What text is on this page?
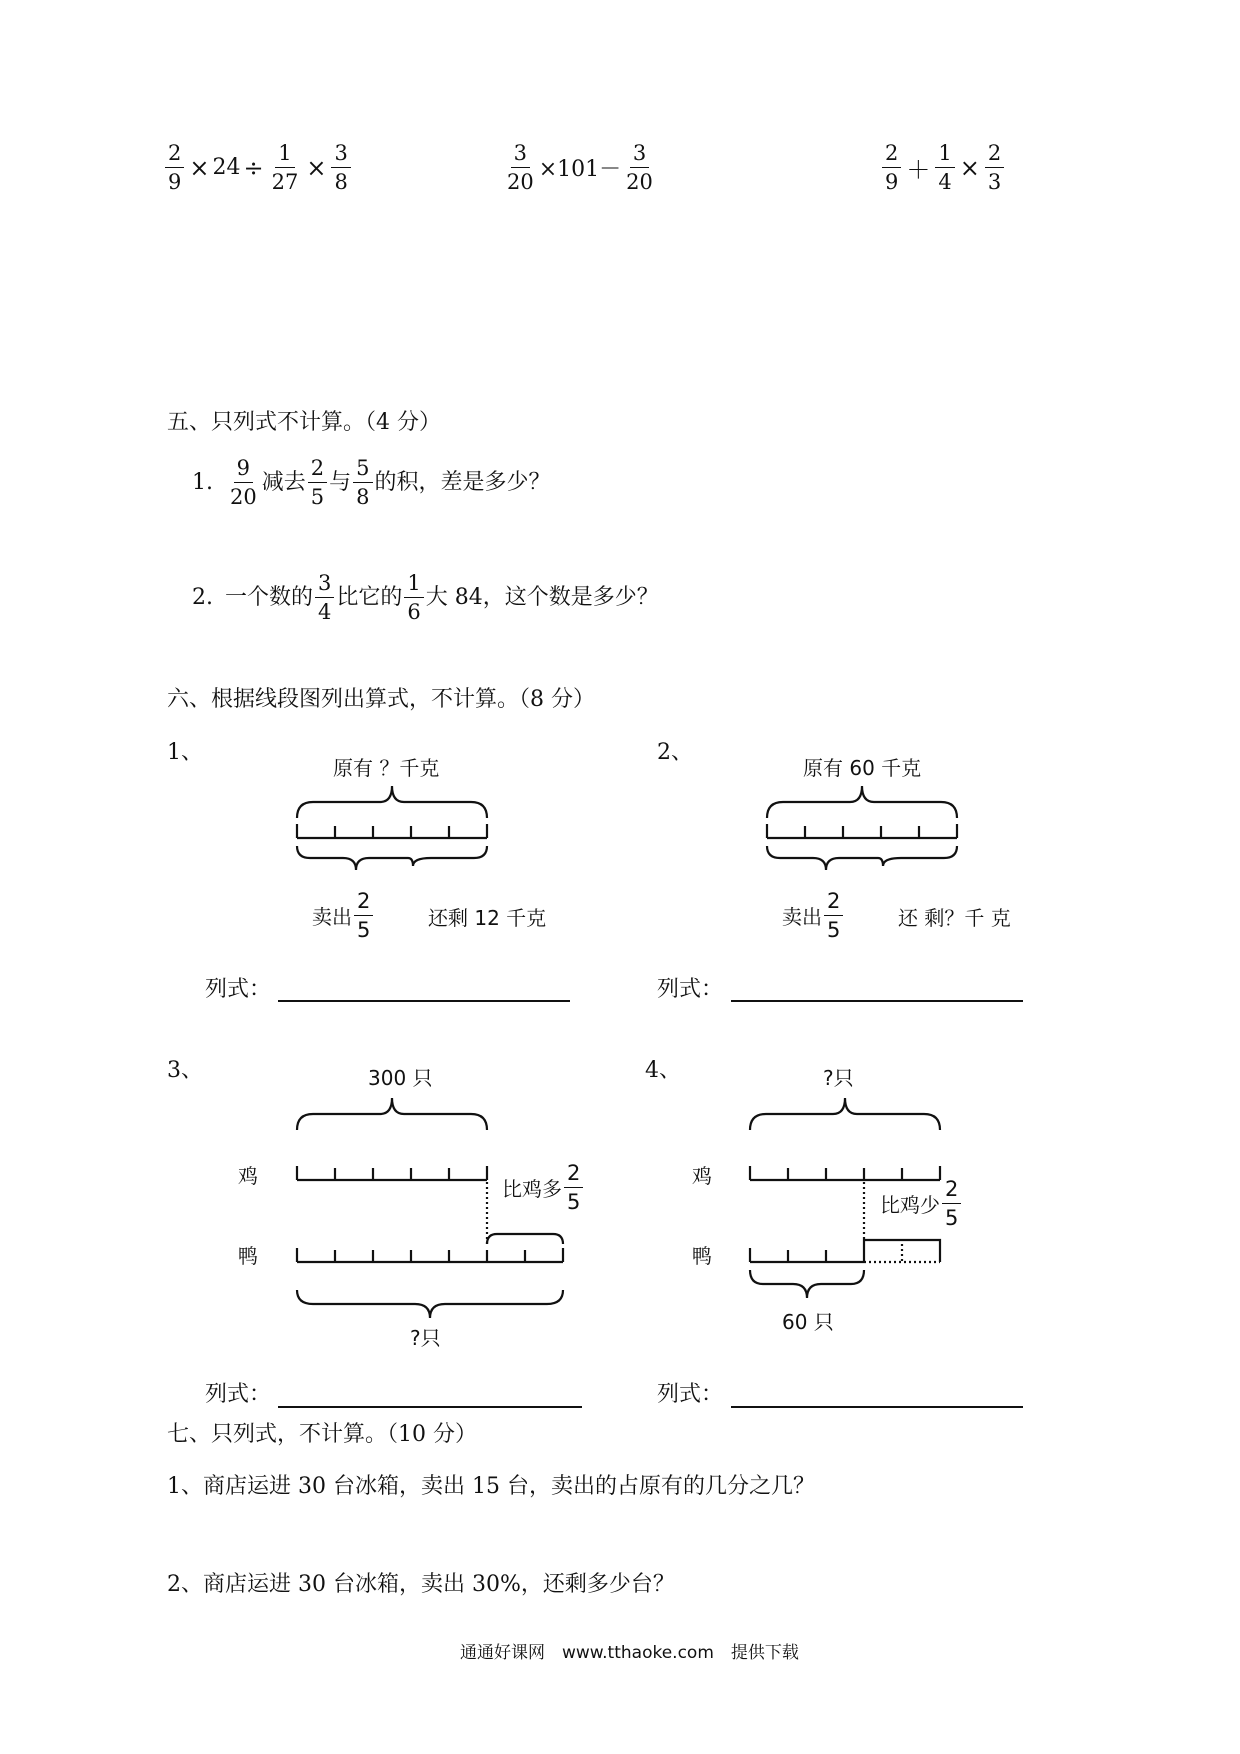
$\frac{2}{9} \times 24 \div \frac{1}{27} \times \frac{3}{8}$	$\frac{3}{20} \times 101- \frac{3}{20}$	$\frac{2}{9} + \frac{1}{4} \times \frac{2}{3}$
五、只列式不计算。（4 分）
1. $\frac{9}{20}$ 减去 $\frac{2}{5}$ 与 $\frac{5}{8}$ 的积，差是多少？
2. 一个数的 $\frac{3}{4}$ 比它的 $\frac{1}{6}$ 大 84，这个数是多少？
六、根据线段图列出算式，不计算。（8 分）
1、
原有 ？千克
卖出 $\frac{2}{5}$	还剩 12 千克
列式：
2、
原有 60 千克
卖出 $\frac{2}{5}$	还 剩？千 克
列式：
3、	300 只
鸡
鸭
比鸡多 $\frac{2}{5}$
?只
列式：
4、	?只
鸡
鸭
比鸡少 $\frac{2}{5}$
60 只
列式：
七、只列式，不计算。（10 分）
1、商店运进 30 台冰箱，卖出 15 台，卖出的占原有的几分之几？
2、商店运进 30 台冰箱，卖出 30%，还剩多少台？
通通好课网　www.tthaoke.com　提供下载
